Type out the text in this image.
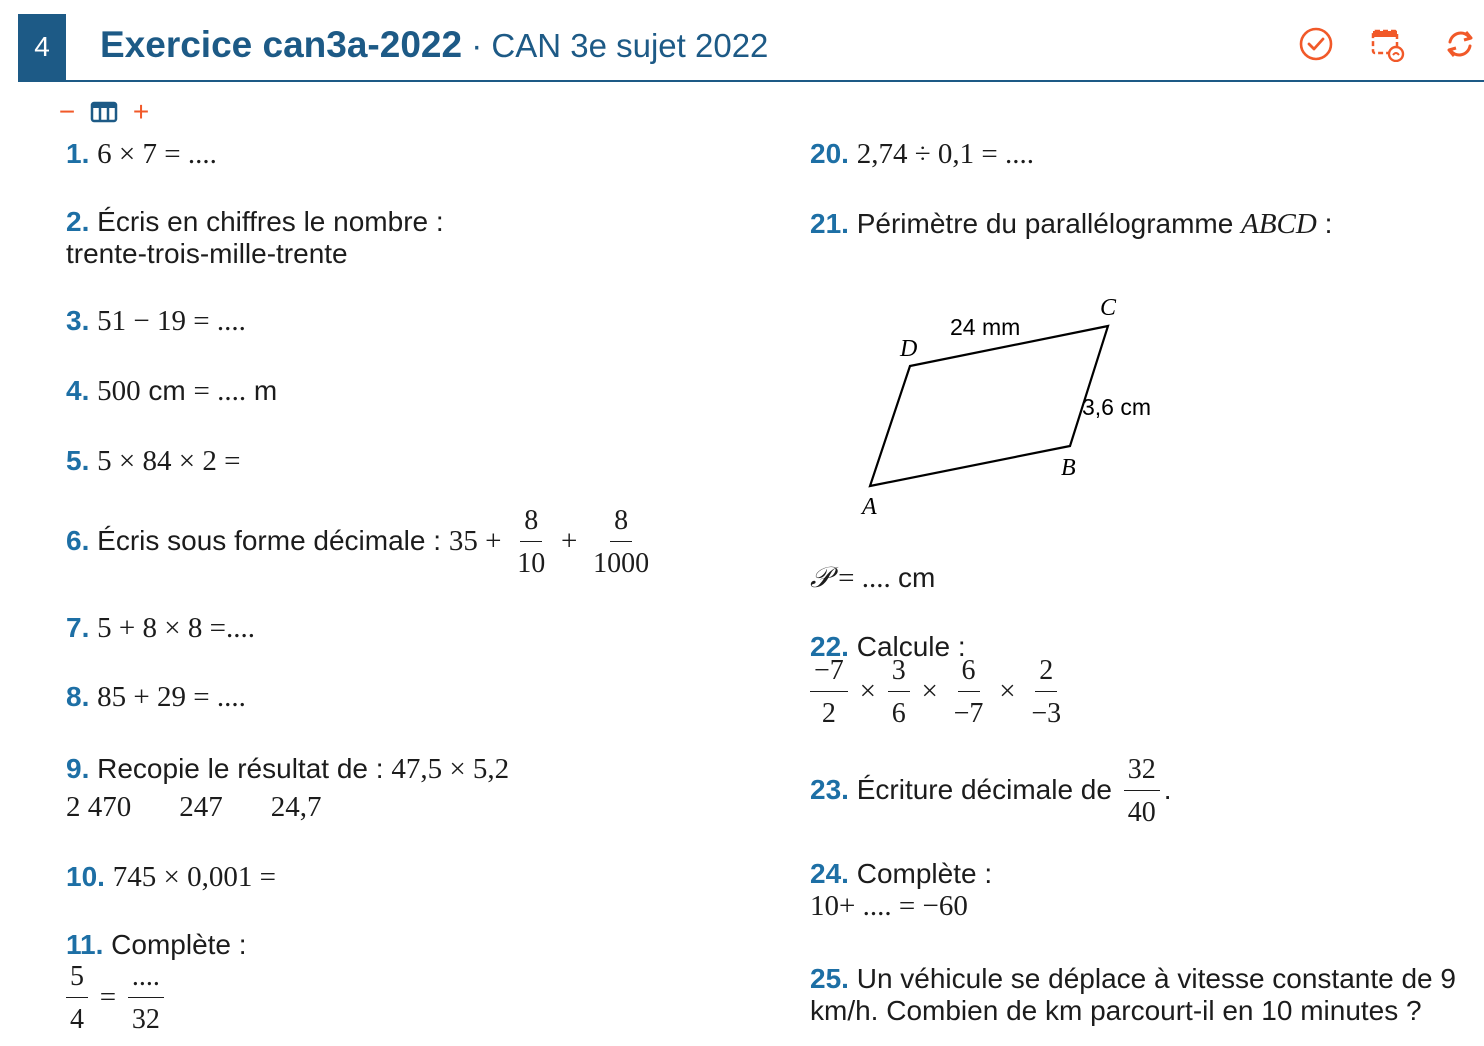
4	Exercice can3a-2022 · CAN 3e sujet 2022
− +
1. 6 × 7 = ....
2. Écris en chiffres le nombre :
trente-trois-mille-trente
3. 51 − 19 = ....
4. 500 cm = .... m
5. 5 × 84 × 2 =
6. Écris sous forme décimale : $35 + \frac{8}{10} + \frac{8}{1000}$
7. 5 + 8 × 8 =....
8. 85 + 29 = ....
9. Recopie le résultat de : 47,5 × 5,2
2 470 247 24,7
10. 745 × 0,001 =
11. Complète :
$\frac{5}{4} = \frac{....}{32}$
20. 2,74 ÷ 0,1 = ....
21. Périmètre du parallélogramme ABCD :
D
C
B
A
24 mm
3,6 cm
𝒫 = .... cm
22. Calcule :
$\frac{-7}{2} \times \frac{3}{6} \times \frac{6}{-7} \times \frac{2}{-3}$
23. Écriture décimale de $\frac{32}{40}$ .
24. Complète :
10+ .... = −60
25. Un véhicule se déplace à vitesse constante de 9
km/h. Combien de km parcourt-il en 10 minutes ?
